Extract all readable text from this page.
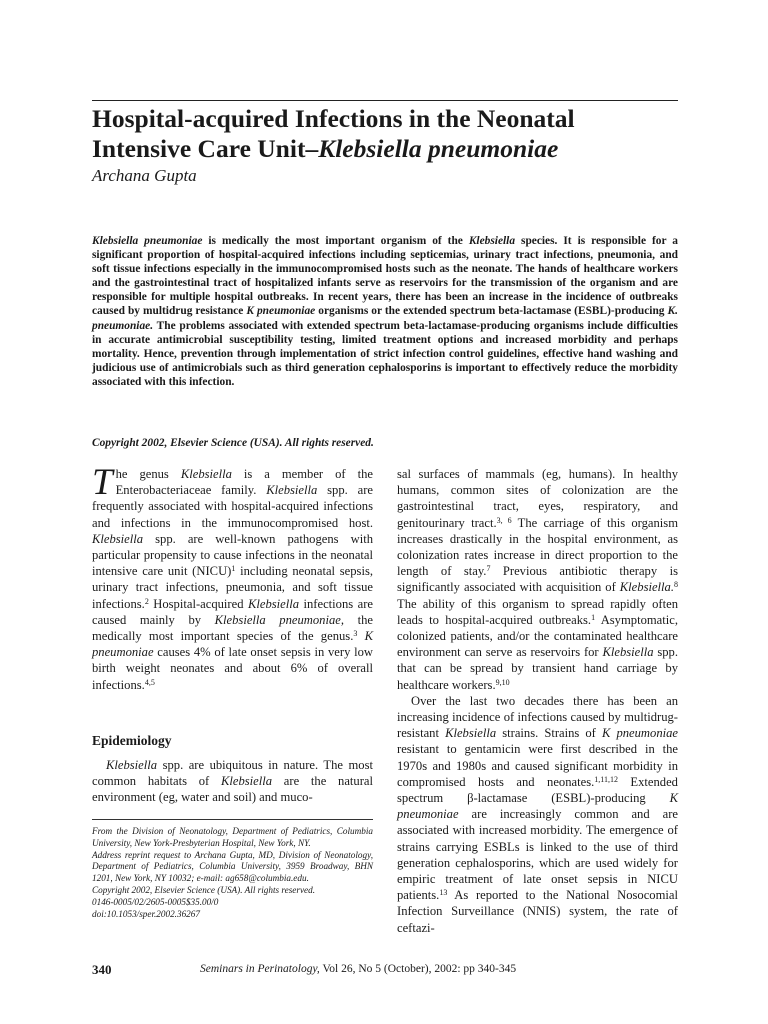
Hospital-acquired Infections in the Neonatal
Intensive Care Unit–Klebsiella pneumoniae
Archana Gupta

Klebsiella pneumoniae is medically the most important organism of the Klebsiella species. It is responsible for a significant proportion of hospital-acquired infections including septicemias, urinary tract infections, pneumonia, and soft tissue infections especially in the immunocompromised hosts such as the neonate. The hands of healthcare workers and the gastrointestinal tract of hospitalized infants serve as reservoirs for the transmission of the organism and are responsible for multiple hospital outbreaks. In recent years, there has been an increase in the incidence of outbreaks caused by multidrug resistance K pneumoniae organisms or the extended spectrum beta-lactamase (ESBL)-producing K. pneumoniae. The problems associated with extended spectrum beta-lactamase-producing organisms include difficulties in accurate antimicrobial susceptibility testing, limited treatment options and increased morbidity and perhaps mortality. Hence, prevention through implementation of strict infection control guidelines, effective hand washing and judicious use of antimicrobials such as third generation cephalosporins is important to effectively reduce the morbidity associated with this infection.

Copyright 2002, Elsevier Science (USA). All rights reserved.

The genus Klebsiella is a member of the Enterobacteriaceae family. Klebsiella spp. are frequently associated with hospital-acquired infections and infections in the immunocompromised host. Klebsiella spp. are well-known pathogens with particular propensity to cause infections in the neonatal intensive care unit (NICU)$^1$ including neonatal sepsis, urinary tract infections, pneumonia, and soft tissue infections.$^2$ Hospital-acquired Klebsiella infections are caused mainly by Klebsiella pneumoniae, the medically most important species of the genus.$^3$ K pneumoniae causes 4% of late onset sepsis in very low birth weight neonates and about 6% of overall infections.$^{4,5}$

Epidemiology

Klebsiella spp. are ubiquitous in nature. The most common habitats of Klebsiella are the natural environment (eg, water and soil) and muco-

From the Division of Neonatology, Department of Pediatrics, Columbia University, New York-Presbyterian Hospital, New York, NY.
Address reprint request to Archana Gupta, MD, Division of Neonatology, Department of Pediatrics, Columbia University, 3959 Broadway, BHN 1201, New York, NY 10032; e-mail: ag658@columbia.edu.
Copyright 2002, Elsevier Science (USA). All rights reserved.
0146-0005/02/2605-0005$35.00/0
doi:10.1053/sper.2002.36267

sal surfaces of mammals (eg, humans). In healthy humans, common sites of colonization are the gastrointestinal tract, eyes, respiratory, and genitourinary tract.$^{3, 6}$ The carriage of this organism increases drastically in the hospital environment, as colonization rates increase in direct proportion to the length of stay.$^7$ Previous antibiotic therapy is significantly associated with acquisition of Klebsiella.$^8$ The ability of this organism to spread rapidly often leads to hospital-acquired outbreaks.$^1$ Asymptomatic, colonized patients, and/or the contaminated healthcare environment can serve as reservoirs for Klebsiella spp. that can be spread by transient hand carriage by healthcare workers.$^{9,10}$

Over the last two decades there has been an increasing incidence of infections caused by multidrug-resistant Klebsiella strains. Strains of K pneumoniae resistant to gentamicin were first described in the 1970s and 1980s and caused significant morbidity in compromised hosts and neonates.$^{1,11,12}$ Extended spectrum β-lactamase (ESBL)-producing K pneumoniae are increasingly common and are associated with increased morbidity. The emergence of strains carrying ESBLs is linked to the use of third generation cephalosporins, which are used widely for empiric treatment of late onset sepsis in NICU patients.$^{13}$ As reported to the National Nosocomial Infection Surveillance (NNIS) system, the rate of ceftazi-

340	Seminars in Perinatology, Vol 26, No 5 (October), 2002: pp 340-345
